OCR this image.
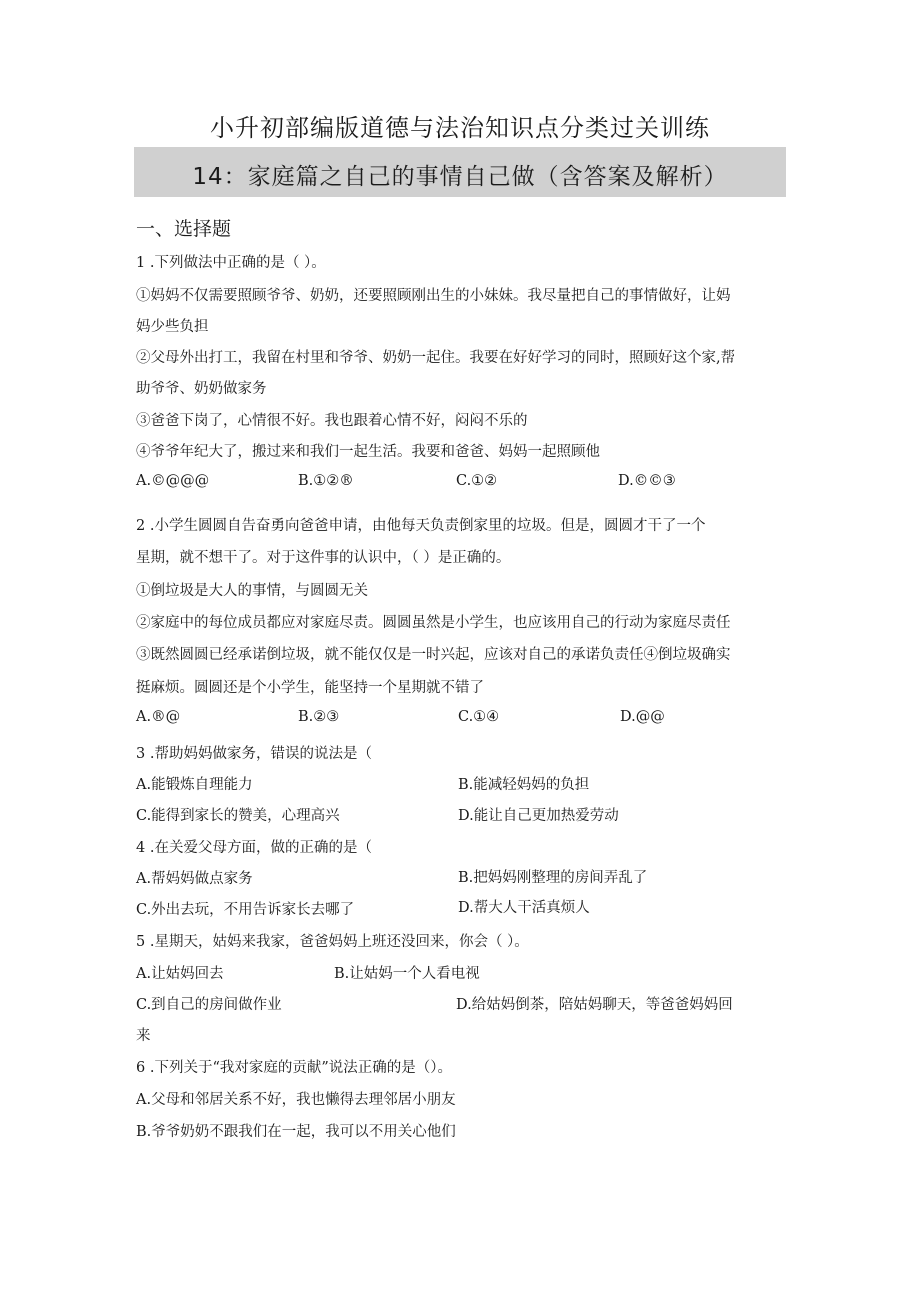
小升初部编版道德与法治知识点分类过关训练
14：家庭篇之自己的事情自己做（含答案及解析）
一、选择题
1 .下列做法中正确的是（ ）。
①妈妈不仅需要照顾爷爷、奶奶，还要照顾刚出生的小妹妹。我尽量把自己的事情做好，让妈
妈少些负担
②父母外出打工，我留在村里和爷爷、奶奶一起住。我要在好好学习的同时，照顾好这个家,帮
助爷爷、奶奶做家务
③爸爸下岗了，心情很不好。我也跟着心情不好，闷闷不乐的
④爷爷年纪大了，搬过来和我们一起生活。我要和爸爸、妈妈一起照顾他
A.©@@@	B.①②®	C.①②	D.©©③
2 .小学生圆圆自告奋勇向爸爸申请，由他每天负责倒家里的垃圾。但是，圆圆才干了一个
星期，就不想干了。对于这件事的认识中，（ ）是正确的。
①倒垃圾是大人的事情，与圆圆无关
②家庭中的每位成员都应对家庭尽责。圆圆虽然是小学生，也应该用自己的行动为家庭尽责任
③既然圆圆已经承诺倒垃圾，就不能仅仅是一时兴起，应该对自己的承诺负责任④倒垃圾确实
挺麻烦。圆圆还是个小学生，能坚持一个星期就不错了
A.®@	B.②③	C.①④	D.@@
3 .帮助妈妈做家务，错误的说法是（
A.能锻炼自理能力	B.能减轻妈妈的负担
C.能得到家长的赞美，心理高兴	D.能让自己更加热爱劳动
4 .在关爱父母方面，做的正确的是（
A.帮妈妈做点家务	B.把妈妈刚整理的房间弄乱了
C.外出去玩，不用告诉家长去哪了	D.帮大人干活真烦人
5 .星期天，姑妈来我家，爸爸妈妈上班还没回来，你会（ ）。
A.让姑妈回去	B.让姑妈一个人看电视
C.到自己的房间做作业	D.给姑妈倒茶，陪姑妈聊天，等爸爸妈妈回
来
6 .下列关于“我对家庭的贡献”说法正确的是（）。
A.父母和邻居关系不好，我也懒得去理邻居小朋友
B.爷爷奶奶不跟我们在一起，我可以不用关心他们
